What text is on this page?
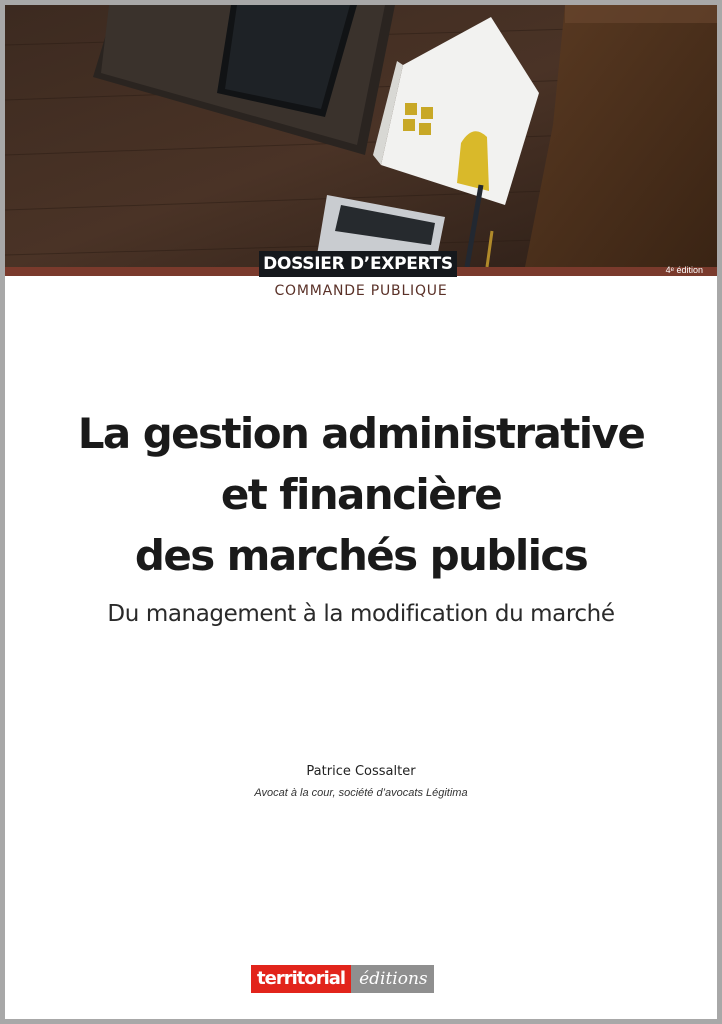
DOSSIER D’EXPERTS	4ᵉ édition
COMMANDE PUBLIQUE
La gestion administrative
et financière
des marchés publics
Du management à la modification du marché
Patrice Cossalter
Avocat à la cour, société d’avocats Légitima
territorial éditions
